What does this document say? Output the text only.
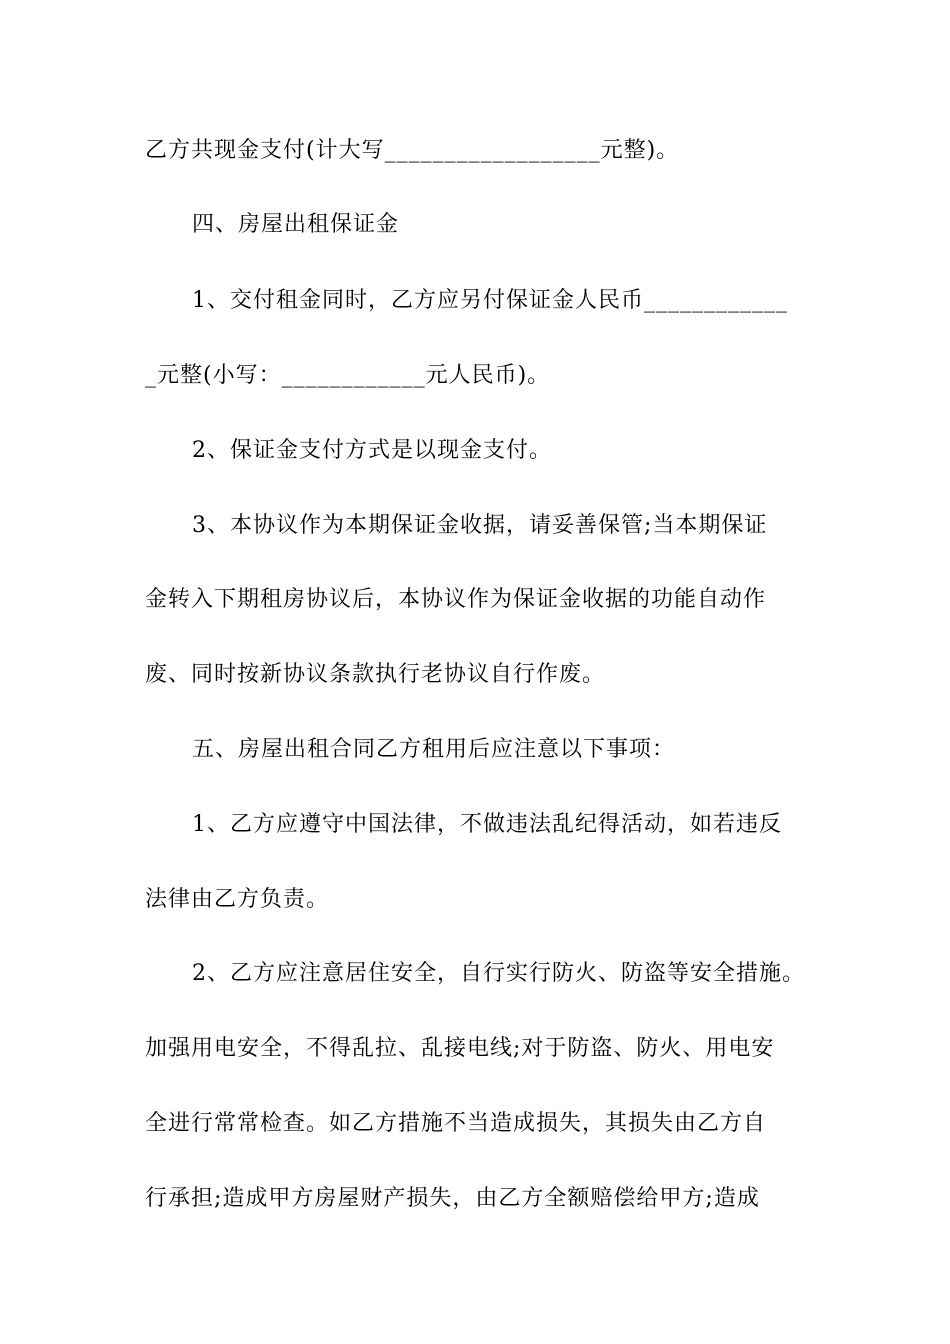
乙方共现金支付(计大写__________________元整)。
四、房屋出租保证金
1、交付租金同时，乙方应另付保证金人民币____________
_元整(小写：____________元人民币)。
2、保证金支付方式是以现金支付。
3、本协议作为本期保证金收据，请妥善保管;当本期保证
金转入下期租房协议后，本协议作为保证金收据的功能自动作
废、同时按新协议条款执行老协议自行作废。
五、房屋出租合同乙方租用后应注意以下事项：
1、乙方应遵守中国法律，不做违法乱纪得活动，如若违反
法律由乙方负责。
2、乙方应注意居住安全，自行实行防火、防盗等安全措施。
加强用电安全，不得乱拉、乱接电线;对于防盗、防火、用电安
全进行常常检查。如乙方措施不当造成损失，其损失由乙方自
行承担;造成甲方房屋财产损失，由乙方全额赔偿给甲方;造成
